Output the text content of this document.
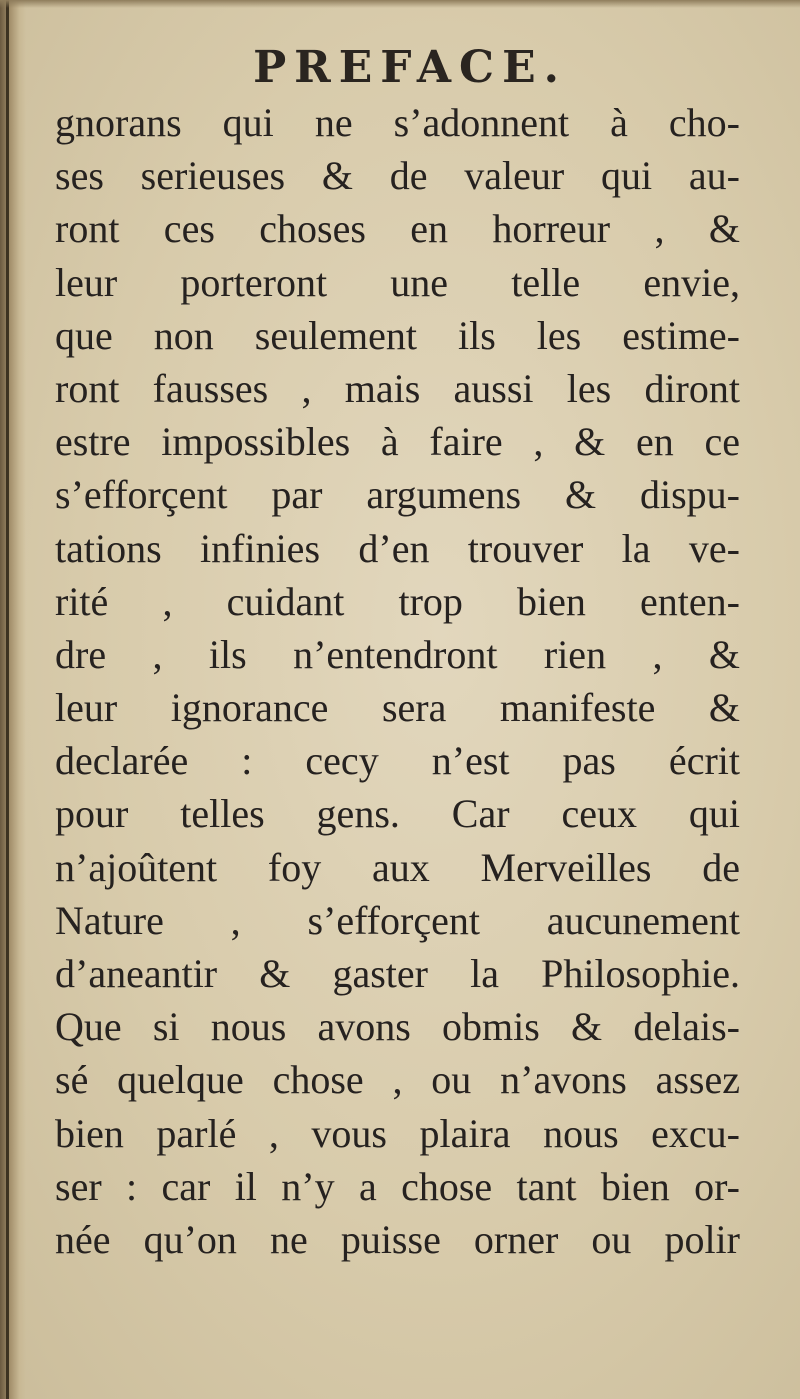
PREFACE.
gnorans qui ne s’adonnent à cho-
ses serieuses & de valeur qui au-
ront ces choses en horreur , &
leur porteront une telle envie,
que non seulement ils les estime-
ront fausses , mais aussi les diront
estre impossibles à faire , & en ce
s’efforçent par argumens & dispu-
tations infinies d’en trouver la ve-
rité , cuidant trop bien enten-
dre , ils n’entendront rien , &
leur ignorance sera manifeste &
declarée : cecy n’est pas écrit
pour telles gens. Car ceux qui
n’ajoûtent foy aux Merveilles de
Nature , s’efforçent aucunement
d’aneantir & gaster la Philosophie.
Que si nous avons obmis & delais-
sé quelque chose , ou n’avons assez
bien parlé , vous plaira nous excu-
ser : car il n’y a chose tant bien or-
née qu’on ne puisse orner ou polir
